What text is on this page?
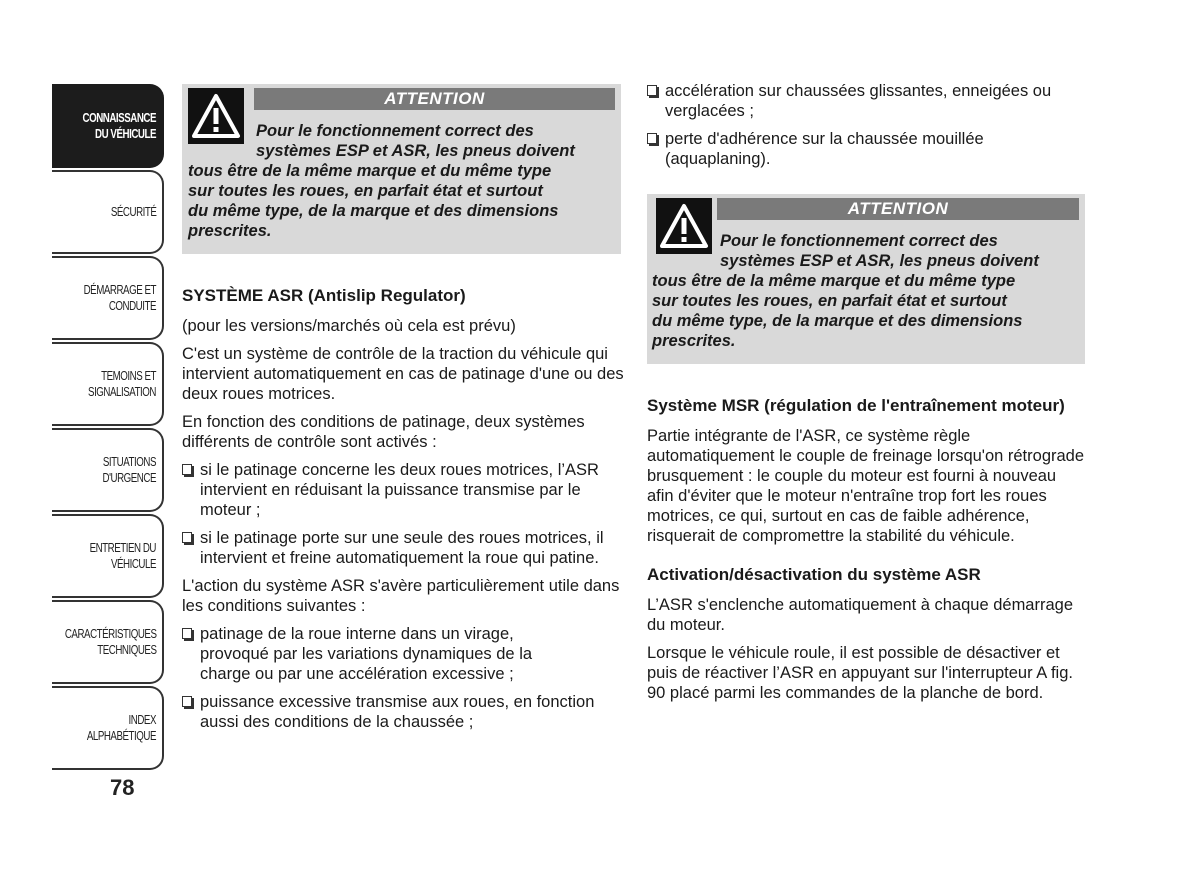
CONNAISSANCE DU VÉHICULE
SÉCURITÉ
DÉMARRAGE ET CONDUITE
TEMOINS ET SIGNALISATION
SITUATIONS D'URGENCE
ENTRETIEN DU VÉHICULE
CARACTÉRISTIQUES TECHNIQUES
INDEX ALPHABÉTIQUE
78
ATTENTION
Pour le fonctionnement correct des
systèmes ESP et ASR, les pneus doivent
tous être de la même marque et du même type
sur toutes les roues, en parfait état et surtout
du même type, de la marque et des dimensions
prescrites.
SYSTÈME ASR (Antislip Regulator)

(pour les versions/marchés où cela est prévu)

C'est un système de contrôle de la traction du véhicule qui intervient automatiquement en cas de patinage d'une ou des deux roues motrices.

En fonction des conditions de patinage, deux systèmes différents de contrôle sont activés :

si le patinage concerne les deux roues motrices, l’ASR intervient en réduisant la puissance transmise par le moteur ;
si le patinage porte sur une seule des roues motrices, il intervient et freine automatiquement la roue qui patine.

L'action du système ASR s'avère particulièrement utile dans les conditions suivantes :

patinage de la roue interne dans un virage, provoqué par les variations dynamiques de la charge ou par une accélération excessive ;
puissance excessive transmise aux roues, en fonction aussi des conditions de la chaussée ;
accélération sur chaussées glissantes, enneigées ou verglacées ;
perte d'adhérence sur la chaussée mouillée (aquaplaning).
ATTENTION
Pour le fonctionnement correct des
systèmes ESP et ASR, les pneus doivent
tous être de la même marque et du même type
sur toutes les roues, en parfait état et surtout
du même type, de la marque et des dimensions
prescrites.
Système MSR (régulation de l'entraînement moteur)

Partie intégrante de l'ASR, ce système règle automatiquement le couple de freinage lorsqu'on rétrograde brusquement : le couple du moteur est fourni à nouveau afin d'éviter que le moteur n'entraîne trop fort les roues motrices, ce qui, surtout en cas de faible adhérence, risquerait de compromettre la stabilité du véhicule.

Activation/désactivation du système ASR

L’ASR s'enclenche automatiquement à chaque démarrage du moteur.

Lorsque le véhicule roule, il est possible de désactiver et puis de réactiver l’ASR en appuyant sur l'interrupteur A fig. 90 placé parmi les commandes de la planche de bord.
